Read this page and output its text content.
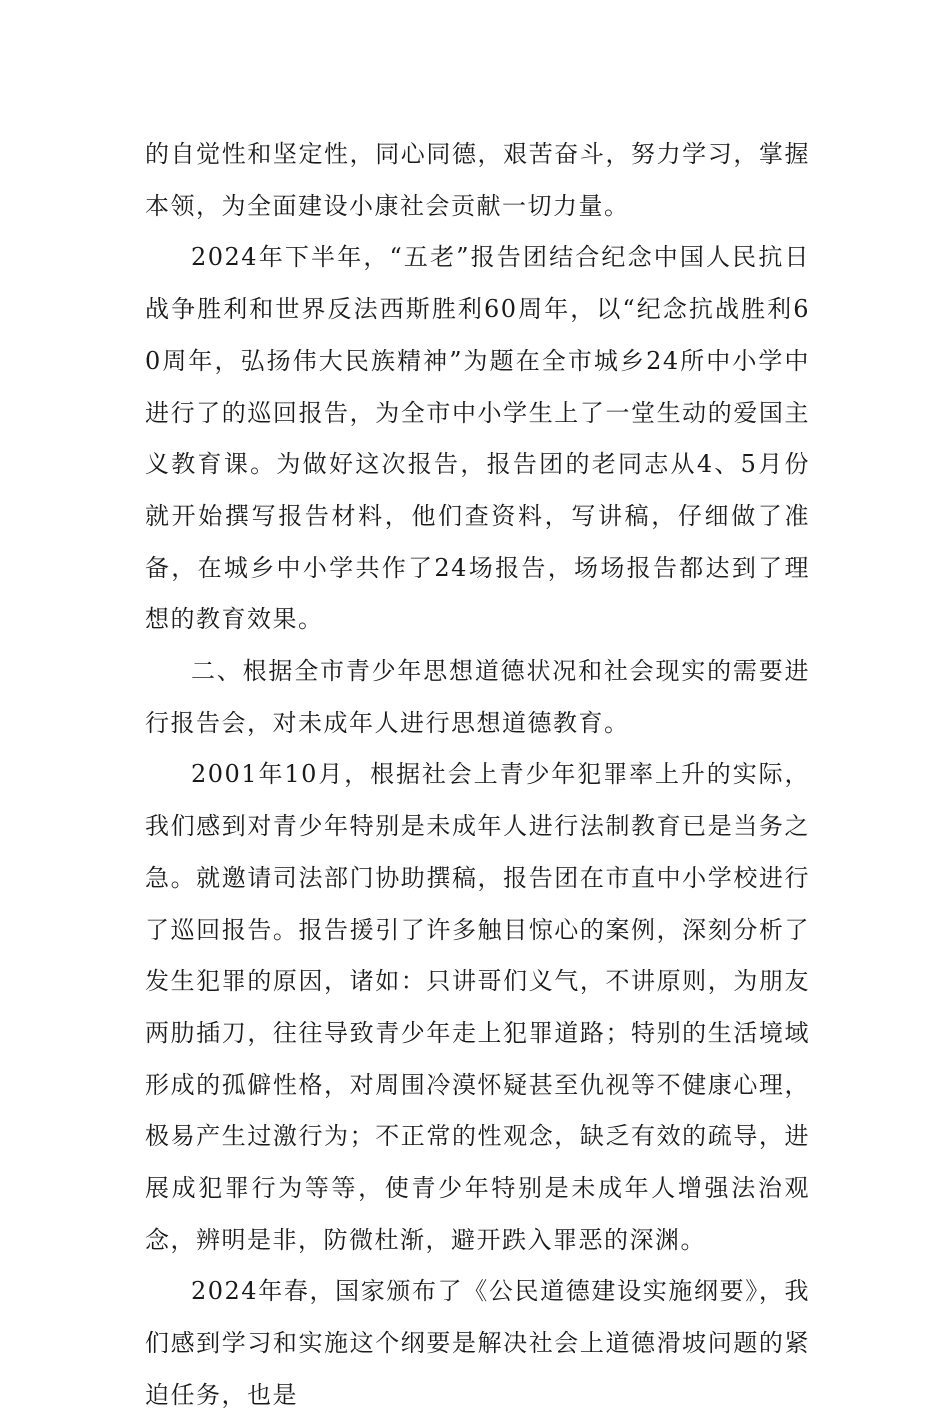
的自觉性和坚定性，同心同德，艰苦奋斗，努力学习，掌握本领，为全面建设小康社会贡献一切力量。

2024年下半年，“五老”报告团结合纪念中国人民抗日战争胜利和世界反法西斯胜利60周年，以“纪念抗战胜利60周年，弘扬伟大民族精神”为题在全市城乡24所中小学中进行了的巡回报告，为全市中小学生上了一堂生动的爱国主义教育课。为做好这次报告，报告团的老同志从4、5月份就开始撰写报告材料，他们查资料，写讲稿，仔细做了准备，在城乡中小学共作了24场报告，场场报告都达到了理想的教育效果。

二、根据全市青少年思想道德状况和社会现实的需要进行报告会，对未成年人进行思想道德教育。

2001年10月，根据社会上青少年犯罪率上升的实际，我们感到对青少年特别是未成年人进行法制教育已是当务之急。就邀请司法部门协助撰稿，报告团在市直中小学校进行了巡回报告。报告援引了许多触目惊心的案例，深刻分析了发生犯罪的原因，诸如：只讲哥们义气，不讲原则，为朋友两肋插刀，往往导致青少年走上犯罪道路；特别的生活境域形成的孤僻性格，对周围冷漠怀疑甚至仇视等不健康心理，极易产生过激行为；不正常的性观念，缺乏有效的疏导，进展成犯罪行为等等，使青少年特别是未成年人增强法治观念，辨明是非，防微杜渐，避开跌入罪恶的深渊。

2024年春，国家颁布了《公民道德建设实施纲要》，我们感到学习和实施这个纲要是解决社会上道德滑坡问题的紧迫任务，也是
